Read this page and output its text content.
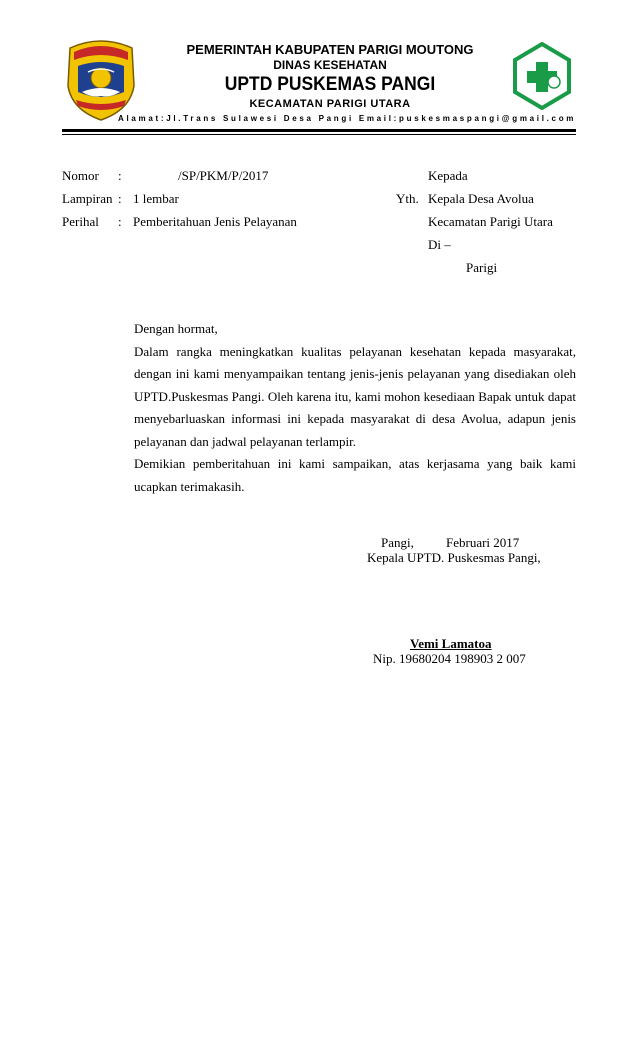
PEMERINTAH KABUPATEN PARIGI MOUTONG
DINAS KESEHATAN
UPTD PUSKEMAS PANGI
KECAMATAN PARIGI UTARA
Alamat:Jl.Trans Sulawesi Desa Pangi Email:puskesmaspangi@gmail.com
Nomor :	/SP/PKM/P/2017
Lampiran : 1 lembar
Perihal : Pemberitahuan Jenis Pelayanan
Kepada
Yth. Kepala Desa Avolua
Kecamatan Parigi Utara
Di –
Parigi

Dengan hormat,

Dalam rangka meningkatkan kualitas pelayanan kesehatan kepada masyarakat, dengan ini kami menyampaikan tentang jenis-jenis pelayanan yang disediakan oleh UPTD.Puskesmas Pangi. Oleh karena itu, kami mohon kesediaan Bapak untuk dapat menyebarluaskan informasi ini kepada masyarakat di desa Avolua, adapun jenis pelayanan dan jadwal pelayanan terlampir.

Demikian pemberitahuan ini kami sampaikan, atas kerjasama yang baik kami ucapkan terimakasih.

Pangi, Februari 2017
Kepala UPTD. Puskesmas Pangi,
Vemi Lamatoa
Nip. 19680204 198903 2 007
